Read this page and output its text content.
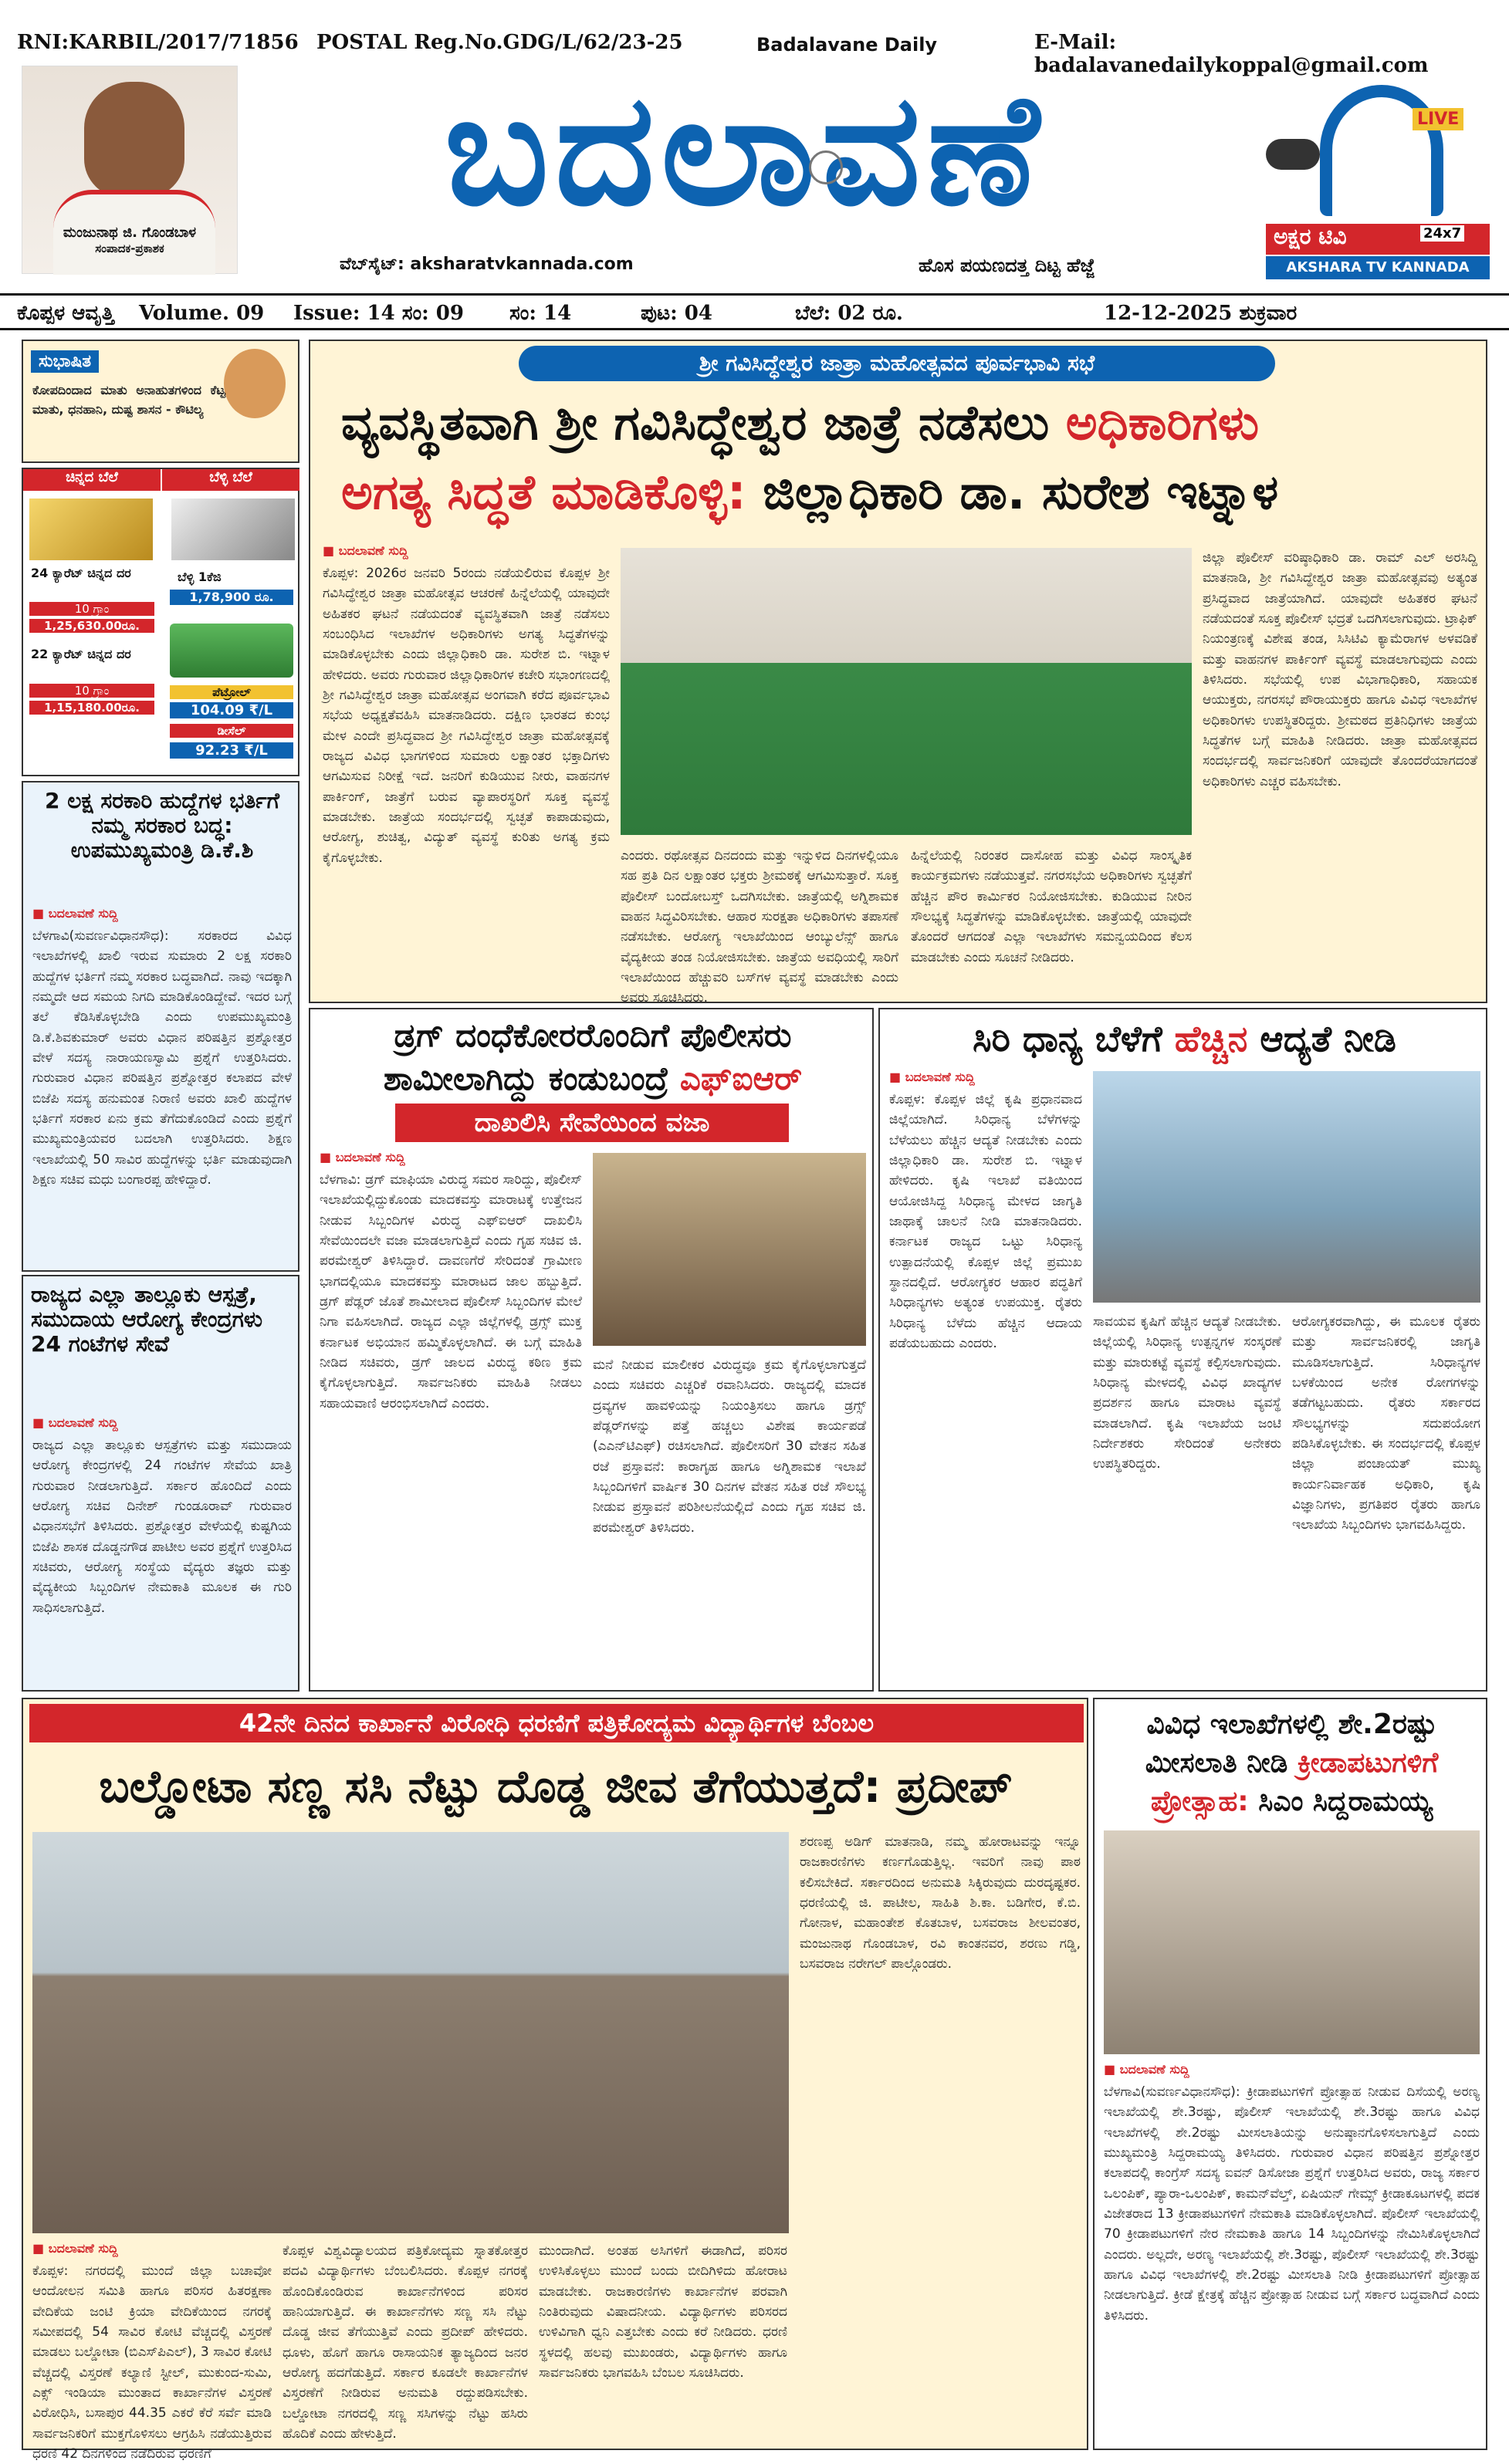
RNI:KARBIL/2017/71856 POSTAL Reg.No.GDG/L/62/23-25	Badalavane Daily	E-Mail: badalavanedailykoppal@gmail.com
ಮಂಜುನಾಥ ಜಿ. ಗೊಂಡಬಾಳ
ಸಂಪಾದಕ-ಪ್ರಕಾಶಕ
ಬದಲಾವಣೆ
ವೆಬ್‌ಸೈಟ್: aksharatvkannada.com	ಹೊಸ ಪಯಣದತ್ತ ದಿಟ್ಟ ಹೆಜ್ಜೆ
LIVE
ಅಕ್ಷರ ಟಿವಿ	24x7
AKSHARA TV KANNADA
ಕೊಪ್ಪಳ ಆವೃತ್ತಿ Volume. 09 Issue: 14 ಸಂ: 09 ಸಂ: 14	ಪುಟ: 04	ಬೆಲೆ: 02 ರೂ.	12-12-2025 ಶುಕ್ರವಾರ
ಸುಭಾಷಿತ
ಕೋಪದಿಂದಾದ ಮಾತು ಅನಾಹುತಗಳಿಂದ ಕೆಟ್ಟ ಮಾತು, ಧನಹಾನಿ, ದುಷ್ಟ ಶಾಸನ - ಕೌಟಿಲ್ಯ
ಚಿನ್ನದ ಬೆಲೆ	ಬೆಳ್ಳಿ ಬೆಲೆ
24 ಕ್ಯಾರೆಟ್ ಚಿನ್ನದ ದರ
10 ಗ್ರಾಂ
1,25,630.00ರೂ.
ಬೆಳ್ಳಿ 1ಕೆಜಿ
1,78,900 ರೂ.
22 ಕ್ಯಾರೆಟ್ ಚಿನ್ನದ ದರ
10 ಗ್ರಾಂ
1,15,180.00ರೂ.
ಪೆಟ್ರೋಲ್
104.09 ₹/L
ಡೀಸೆಲ್
92.23 ₹/L
2 ಲಕ್ಷ ಸರಕಾರಿ ಹುದ್ದೆಗಳ ಭರ್ತಿಗೆ ನಮ್ಮ ಸರಕಾರ ಬದ್ಧ: ಉಪಮುಖ್ಯಮಂತ್ರಿ ಡಿ.ಕೆ.ಶಿ
■ ಬದಲಾವಣೆ ಸುದ್ದಿ
ಬೆಳಗಾವಿ(ಸುವರ್ಣವಿಧಾನಸೌಧ): ಸರಕಾರದ ವಿವಿಧ ಇಲಾಖೆಗಳಲ್ಲಿ ಖಾಲಿ ಇರುವ ಸುಮಾರು 2 ಲಕ್ಷ ಸರಕಾರಿ ಹುದ್ದೆಗಳ ಭರ್ತಿಗೆ ನಮ್ಮ ಸರಕಾರ ಬದ್ಧವಾಗಿದೆ. ನಾವು ಇದಕ್ಕಾಗಿ ನಮ್ಮದೇ ಆದ ಸಮಯ ನಿಗದಿ ಮಾಡಿಕೊಂಡಿದ್ದೇವೆ. ಇದರ ಬಗ್ಗೆ ತಲೆ ಕೆಡಿಸಿಕೊಳ್ಳಬೇಡಿ ಎಂದು ಉಪಮುಖ್ಯಮಂತ್ರಿ ಡಿ.ಕೆ.ಶಿವಕುಮಾರ್ ಅವರು ವಿಧಾನ ಪರಿಷತ್ತಿನ ಪ್ರಶ್ನೋತ್ತರ ವೇಳೆ ಸದಸ್ಯ ನಾರಾಯಣಸ್ವಾಮಿ ಪ್ರಶ್ನೆಗೆ ಉತ್ತರಿಸಿದರು. ಗುರುವಾರ ವಿಧಾನ ಪರಿಷತ್ತಿನ ಪ್ರಶ್ನೋತ್ತರ ಕಲಾಪದ ವೇಳೆ ಬಿಜೆಪಿ ಸದಸ್ಯ ಹನುಮಂತ ನಿರಾಣಿ ಅವರು ಖಾಲಿ ಹುದ್ದೆಗಳ ಭರ್ತಿಗೆ ಸರಕಾರ ಏನು ಕ್ರಮ ತೆಗೆದುಕೊಂಡಿದೆ ಎಂದು ಪ್ರಶ್ನೆಗೆ ಮುಖ್ಯಮಂತ್ರಿಯವರ ಬದಲಾಗಿ ಉತ್ತರಿಸಿದರು. ಶಿಕ್ಷಣ ಇಲಾಖೆಯಲ್ಲಿ 50 ಸಾವಿರ ಹುದ್ದೆಗಳನ್ನು ಭರ್ತಿ ಮಾಡುವುದಾಗಿ ಶಿಕ್ಷಣ ಸಚಿವ ಮಧು ಬಂಗಾರಪ್ಪ ಹೇಳಿದ್ದಾರೆ.
ರಾಜ್ಯದ ಎಲ್ಲಾ ತಾಲ್ಲೂಕು ಆಸ್ಪತ್ರೆ, ಸಮುದಾಯ ಆರೋಗ್ಯ ಕೇಂದ್ರಗಳು 24 ಗಂಟೆಗಳ ಸೇವೆ
■ ಬದಲಾವಣೆ ಸುದ್ದಿ
ರಾಜ್ಯದ ಎಲ್ಲಾ ತಾಲ್ಲೂಕು ಆಸ್ಪತ್ರೆಗಳು ಮತ್ತು ಸಮುದಾಯ ಆರೋಗ್ಯ ಕೇಂದ್ರಗಳಲ್ಲಿ 24 ಗಂಟೆಗಳ ಸೇವೆಯ ಖಾತ್ರಿ ಗುರುವಾರ ನೀಡಲಾಗುತ್ತಿದೆ. ಸರ್ಕಾರ ಹೊಂದಿದೆ ಎಂದು ಆರೋಗ್ಯ ಸಚಿವ ದಿನೇಶ್ ಗುಂಡೂರಾವ್ ಗುರುವಾರ ವಿಧಾನಸಭೆಗೆ ತಿಳಿಸಿದರು. ಪ್ರಶ್ನೋತ್ತರ ವೇಳೆಯಲ್ಲಿ ಕುಷ್ಟಗಿಯ ಬಿಜೆಪಿ ಶಾಸಕ ದೊಡ್ಡನಗೌಡ ಪಾಟೀಲ ಅವರ ಪ್ರಶ್ನೆಗೆ ಉತ್ತರಿಸಿದ ಸಚಿವರು, ಆರೋಗ್ಯ ಸಂಸ್ಥೆಯ ವೈದ್ಯರು ತಜ್ಞರು ಮತ್ತು ವೈದ್ಯಕೀಯ ಸಿಬ್ಬಂದಿಗಳ ನೇಮಕಾತಿ ಮೂಲಕ ಈ ಗುರಿ ಸಾಧಿಸಲಾಗುತ್ತಿದೆ.
ಶ್ರೀ ಗವಿಸಿದ್ಧೇಶ್ವರ ಜಾತ್ರಾ ಮಹೋತ್ಸವದ ಪೂರ್ವಭಾವಿ ಸಭೆ
ವ್ಯವಸ್ಥಿತವಾಗಿ ಶ್ರೀ ಗವಿಸಿದ್ಧೇಶ್ವರ ಜಾತ್ರೆ ನಡೆಸಲು ಅಧಿಕಾರಿಗಳು
ಅಗತ್ಯ ಸಿದ್ಧತೆ ಮಾಡಿಕೊಳ್ಳಿ: ಜಿಲ್ಲಾಧಿಕಾರಿ ಡಾ. ಸುರೇಶ ಇಟ್ನಾಳ
■ ಬದಲಾವಣೆ ಸುದ್ದಿ
ಕೊಪ್ಪಳ: 2026ರ ಜನವರಿ 5ರಂದು ನಡೆಯಲಿರುವ ಕೊಪ್ಪಳ ಶ್ರೀ ಗವಿಸಿದ್ಧೇಶ್ವರ ಜಾತ್ರಾ ಮಹೋತ್ಸವ ಆಚರಣೆ ಹಿನ್ನೆಲೆಯಲ್ಲಿ ಯಾವುದೇ ಅಹಿತಕರ ಘಟನೆ ನಡೆಯದಂತೆ ವ್ಯವಸ್ಥಿತವಾಗಿ ಜಾತ್ರೆ ನಡೆಸಲು ಸಂಬಂಧಿಸಿದ ಇಲಾಖೆಗಳ ಅಧಿಕಾರಿಗಳು ಅಗತ್ಯ ಸಿದ್ಧತೆಗಳನ್ನು ಮಾಡಿಕೊಳ್ಳಬೇಕು ಎಂದು ಜಿಲ್ಲಾಧಿಕಾರಿ ಡಾ. ಸುರೇಶ ಬಿ. ಇಟ್ನಾಳ ಹೇಳಿದರು. ಅವರು ಗುರುವಾರ ಜಿಲ್ಲಾಧಿಕಾರಿಗಳ ಕಚೇರಿ ಸಭಾಂಗಣದಲ್ಲಿ ಶ್ರೀ ಗವಿಸಿದ್ಧೇಶ್ವರ ಜಾತ್ರಾ ಮಹೋತ್ಸವ ಅಂಗವಾಗಿ ಕರೆದ ಪೂರ್ವಭಾವಿ ಸಭೆಯ ಅಧ್ಯಕ್ಷತೆವಹಿಸಿ ಮಾತನಾಡಿದರು. ದಕ್ಷಿಣ ಭಾರತದ ಕುಂಭ ಮೇಳ ಎಂದೇ ಪ್ರಸಿದ್ಧವಾದ ಶ್ರೀ ಗವಿಸಿದ್ಧೇಶ್ವರ ಜಾತ್ರಾ ಮಹೋತ್ಸವಕ್ಕೆ ರಾಜ್ಯದ ವಿವಿಧ ಭಾಗಗಳಿಂದ ಸುಮಾರು ಲಕ್ಷಾಂತರ ಭಕ್ತಾದಿಗಳು ಆಗಮಿಸುವ ನಿರೀಕ್ಷೆ ಇದೆ. ಜನರಿಗೆ ಕುಡಿಯುವ ನೀರು, ವಾಹನಗಳ ಪಾರ್ಕಿಂಗ್, ಜಾತ್ರೆಗೆ ಬರುವ ವ್ಯಾಪಾರಸ್ಥರಿಗೆ ಸೂಕ್ತ ವ್ಯವಸ್ಥೆ ಮಾಡಬೇಕು. ಜಾತ್ರೆಯ ಸಂದರ್ಭದಲ್ಲಿ ಸ್ವಚ್ಛತೆ ಕಾಪಾಡುವುದು, ಆರೋಗ್ಯ, ಶುಚಿತ್ವ, ವಿದ್ಯುತ್ ವ್ಯವಸ್ಥೆ ಕುರಿತು ಅಗತ್ಯ ಕ್ರಮ ಕೈಗೊಳ್ಳಬೇಕು.	ಎಂದರು. ರಥೋತ್ಸವ ದಿನದಂದು ಮತ್ತು ಇನ್ನುಳಿದ ದಿನಗಳಲ್ಲಿಯೂ ಸಹ ಪ್ರತಿ ದಿನ ಲಕ್ಷಾಂತರ ಭಕ್ತರು ಶ್ರೀಮಠಕ್ಕೆ ಆಗಮಿಸುತ್ತಾರೆ. ಸೂಕ್ತ ಪೊಲೀಸ್ ಬಂದೋಬಸ್ತ್ ಒದಗಿಸಬೇಕು. ಜಾತ್ರೆಯಲ್ಲಿ ಅಗ್ನಿಶಾಮಕ ವಾಹನ ಸಿದ್ಧವಿರಿಸಬೇಕು. ಆಹಾರ ಸುರಕ್ಷತಾ ಅಧಿಕಾರಿಗಳು ತಪಾಸಣೆ ನಡೆಸಬೇಕು. ಆರೋಗ್ಯ ಇಲಾಖೆಯಿಂದ ಆಂಬ್ಯುಲೆನ್ಸ್ ಹಾಗೂ ವೈದ್ಯಕೀಯ ತಂಡ ನಿಯೋಜಿಸಬೇಕು. ಜಾತ್ರೆಯ ಅವಧಿಯಲ್ಲಿ ಸಾರಿಗೆ ಇಲಾಖೆಯಿಂದ ಹೆಚ್ಚುವರಿ ಬಸ್‌ಗಳ ವ್ಯವಸ್ಥೆ ಮಾಡಬೇಕು ಎಂದು ಅವರು ಸೂಚಿಸಿದರು.
ಹಿನ್ನೆಲೆಯಲ್ಲಿ ನಿರಂತರ ದಾಸೋಹ ಮತ್ತು ವಿವಿಧ ಸಾಂಸ್ಕೃತಿಕ ಕಾರ್ಯಕ್ರಮಗಳು ನಡೆಯುತ್ತವೆ. ನಗರಸಭೆಯ ಅಧಿಕಾರಿಗಳು ಸ್ವಚ್ಛತೆಗೆ ಹೆಚ್ಚಿನ ಪೌರ ಕಾರ್ಮಿಕರ ನಿಯೋಜಿಸಬೇಕು. ಕುಡಿಯುವ ನೀರಿನ ಸೌಲಭ್ಯಕ್ಕೆ ಸಿದ್ಧತೆಗಳನ್ನು ಮಾಡಿಕೊಳ್ಳಬೇಕು. ಜಾತ್ರೆಯಲ್ಲಿ ಯಾವುದೇ ತೊಂದರೆ ಆಗದಂತೆ ಎಲ್ಲಾ ಇಲಾಖೆಗಳು ಸಮನ್ವಯದಿಂದ ಕೆಲಸ ಮಾಡಬೇಕು ಎಂದು ಸೂಚನೆ ನೀಡಿದರು.
ಜಿಲ್ಲಾ ಪೊಲೀಸ್ ವರಿಷ್ಠಾಧಿಕಾರಿ ಡಾ. ರಾಮ್ ಎಲ್ ಅರಸಿದ್ದಿ ಮಾತನಾಡಿ, ಶ್ರೀ ಗವಿಸಿದ್ಧೇಶ್ವರ ಜಾತ್ರಾ ಮಹೋತ್ಸವವು ಅತ್ಯಂತ ಪ್ರಸಿದ್ಧವಾದ ಜಾತ್ರೆಯಾಗಿದೆ. ಯಾವುದೇ ಅಹಿತಕರ ಘಟನೆ ನಡೆಯದಂತೆ ಸೂಕ್ತ ಪೊಲೀಸ್ ಭದ್ರತೆ ಒದಗಿಸಲಾಗುವುದು. ಟ್ರಾಫಿಕ್ ನಿಯಂತ್ರಣಕ್ಕೆ ವಿಶೇಷ ತಂಡ, ಸಿಸಿಟಿವಿ ಕ್ಯಾಮೆರಾಗಳ ಅಳವಡಿಕೆ ಮತ್ತು ವಾಹನಗಳ ಪಾರ್ಕಿಂಗ್ ವ್ಯವಸ್ಥೆ ಮಾಡಲಾಗುವುದು ಎಂದು ತಿಳಿಸಿದರು. ಸಭೆಯಲ್ಲಿ ಉಪ ವಿಭಾಗಾಧಿಕಾರಿ, ಸಹಾಯಕ ಆಯುಕ್ತರು, ನಗರಸಭೆ ಪೌರಾಯುಕ್ತರು ಹಾಗೂ ವಿವಿಧ ಇಲಾಖೆಗಳ ಅಧಿಕಾರಿಗಳು ಉಪಸ್ಥಿತರಿದ್ದರು. ಶ್ರೀಮಠದ ಪ್ರತಿನಿಧಿಗಳು ಜಾತ್ರೆಯ ಸಿದ್ಧತೆಗಳ ಬಗ್ಗೆ ಮಾಹಿತಿ ನೀಡಿದರು. ಜಾತ್ರಾ ಮಹೋತ್ಸವದ ಸಂದರ್ಭದಲ್ಲಿ ಸಾರ್ವಜನಿಕರಿಗೆ ಯಾವುದೇ ತೊಂದರೆಯಾಗದಂತೆ ಅಧಿಕಾರಿಗಳು ಎಚ್ಚರ ವಹಿಸಬೇಕು.
ಡ್ರಗ್ ದಂಧೆಕೋರರೊಂದಿಗೆ ಪೊಲೀಸರು
ಶಾಮೀಲಾಗಿದ್ದು ಕಂಡುಬಂದ್ರೆ ಎಫ್‌ಐಆರ್
ದಾಖಲಿಸಿ ಸೇವೆಯಿಂದ ವಜಾ
■ ಬದಲಾವಣೆ ಸುದ್ದಿ
ಬೆಳಗಾವಿ: ಡ್ರಗ್ ಮಾಫಿಯಾ ವಿರುದ್ಧ ಸಮರ ಸಾರಿದ್ದು, ಪೊಲೀಸ್ ಇಲಾಖೆಯಲ್ಲಿದ್ದುಕೊಂಡು ಮಾದಕವಸ್ತು ಮಾರಾಟಕ್ಕೆ ಉತ್ತೇಜನ ನೀಡುವ ಸಿಬ್ಬಂದಿಗಳ ವಿರುದ್ಧ ಎಫ್‌ಐಆರ್ ದಾಖಲಿಸಿ ಸೇವೆಯಿಂದಲೇ ವಜಾ ಮಾಡಲಾಗುತ್ತಿದೆ ಎಂದು ಗೃಹ ಸಚಿವ ಜಿ. ಪರಮೇಶ್ವರ್ ತಿಳಿಸಿದ್ದಾರೆ. ದಾವಣಗೆರೆ ಸೇರಿದಂತೆ ಗ್ರಾಮೀಣ ಭಾಗದಲ್ಲಿಯೂ ಮಾದಕವಸ್ತು ಮಾರಾಟದ ಜಾಲ ಹಬ್ಬುತ್ತಿದೆ. ಡ್ರಗ್ ಪೆಡ್ಲರ್ ಜೊತೆ ಶಾಮೀಲಾದ ಪೊಲೀಸ್ ಸಿಬ್ಬಂದಿಗಳ ಮೇಲೆ ನಿಗಾ ವಹಿಸಲಾಗಿದೆ. ರಾಜ್ಯದ ಎಲ್ಲಾ ಜಿಲ್ಲೆಗಳಲ್ಲಿ ಡ್ರಗ್ಸ್ ಮುಕ್ತ ಕರ್ನಾಟಕ ಅಭಿಯಾನ ಹಮ್ಮಿಕೊಳ್ಳಲಾಗಿದೆ. ಈ ಬಗ್ಗೆ ಮಾಹಿತಿ ನೀಡಿದ ಸಚಿವರು, ಡ್ರಗ್ ಜಾಲದ ವಿರುದ್ಧ ಕಠಿಣ ಕ್ರಮ ಕೈಗೊಳ್ಳಲಾಗುತ್ತಿದೆ. ಸಾರ್ವಜನಿಕರು ಮಾಹಿತಿ ನೀಡಲು ಸಹಾಯವಾಣಿ ಆರಂಭಿಸಲಾಗಿದೆ ಎಂದರು.
ಮನೆ ನೀಡುವ ಮಾಲೀಕರ ವಿರುದ್ಧವೂ ಕ್ರಮ ಕೈಗೊಳ್ಳಲಾಗುತ್ತದೆ ಎಂದು ಸಚಿವರು ಎಚ್ಚರಿಕೆ ರವಾನಿಸಿದರು. ರಾಜ್ಯದಲ್ಲಿ ಮಾದಕ ದ್ರವ್ಯಗಳ ಹಾವಳಿಯನ್ನು ನಿಯಂತ್ರಿಸಲು ಹಾಗೂ ಡ್ರಗ್ಸ್ ಪೆಡ್ಲರ್‌ಗಳನ್ನು ಪತ್ತೆ ಹಚ್ಚಲು ವಿಶೇಷ ಕಾರ್ಯಪಡೆ (ಎಎನ್‌ಟಿಎಫ್) ರಚಿಸಲಾಗಿದೆ. ಪೊಲೀಸರಿಗೆ 30 ವೇತನ ಸಹಿತ ರಜೆ ಪ್ರಸ್ತಾವನೆ: ಕಾರಾಗೃಹ ಹಾಗೂ ಅಗ್ನಿಶಾಮಕ ಇಲಾಖೆ ಸಿಬ್ಬಂದಿಗಳಿಗೆ ವಾರ್ಷಿಕ 30 ದಿನಗಳ ವೇತನ ಸಹಿತ ರಜೆ ಸೌಲಭ್ಯ ನೀಡುವ ಪ್ರಸ್ತಾವನೆ ಪರಿಶೀಲನೆಯಲ್ಲಿದೆ ಎಂದು ಗೃಹ ಸಚಿವ ಜಿ. ಪರಮೇಶ್ವರ್ ತಿಳಿಸಿದರು.
ಸಿರಿ ಧಾನ್ಯ ಬೆಳೆಗೆ ಹೆಚ್ಚಿನ ಆದ್ಯತೆ ನೀಡಿ
■ ಬದಲಾವಣೆ ಸುದ್ದಿ
ಕೊಪ್ಪಳ: ಕೊಪ್ಪಳ ಜಿಲ್ಲೆ ಕೃಷಿ ಪ್ರಧಾನವಾದ ಜಿಲ್ಲೆಯಾಗಿದೆ. ಸಿರಿಧಾನ್ಯ ಬೆಳೆಗಳನ್ನು ಬೆಳೆಯಲು ಹೆಚ್ಚಿನ ಆದ್ಯತೆ ನೀಡಬೇಕು ಎಂದು ಜಿಲ್ಲಾಧಿಕಾರಿ ಡಾ. ಸುರೇಶ ಬಿ. ಇಟ್ನಾಳ ಹೇಳಿದರು. ಕೃಷಿ ಇಲಾಖೆ ವತಿಯಿಂದ ಆಯೋಜಿಸಿದ್ದ ಸಿರಿಧಾನ್ಯ ಮೇಳದ ಜಾಗೃತಿ ಜಾಥಾಕ್ಕೆ ಚಾಲನೆ ನೀಡಿ ಮಾತನಾಡಿದರು. ಕರ್ನಾಟಕ ರಾಜ್ಯದ ಒಟ್ಟು ಸಿರಿಧಾನ್ಯ ಉತ್ಪಾದನೆಯಲ್ಲಿ ಕೊಪ್ಪಳ ಜಿಲ್ಲೆ ಪ್ರಮುಖ ಸ್ಥಾನದಲ್ಲಿದೆ. ಆರೋಗ್ಯಕರ ಆಹಾರ ಪದ್ಧತಿಗೆ ಸಿರಿಧಾನ್ಯಗಳು ಅತ್ಯಂತ ಉಪಯುಕ್ತ. ರೈತರು ಸಿರಿಧಾನ್ಯ ಬೆಳೆದು ಹೆಚ್ಚಿನ ಆದಾಯ ಪಡೆಯಬಹುದು ಎಂದರು.
ಸಾವಯವ ಕೃಷಿಗೆ ಹೆಚ್ಚಿನ ಆದ್ಯತೆ ನೀಡಬೇಕು. ಜಿಲ್ಲೆಯಲ್ಲಿ ಸಿರಿಧಾನ್ಯ ಉತ್ಪನ್ನಗಳ ಸಂಸ್ಕರಣೆ ಮತ್ತು ಮಾರುಕಟ್ಟೆ ವ್ಯವಸ್ಥೆ ಕಲ್ಪಿಸಲಾಗುವುದು. ಸಿರಿಧಾನ್ಯ ಮೇಳದಲ್ಲಿ ವಿವಿಧ ಖಾದ್ಯಗಳ ಪ್ರದರ್ಶನ ಹಾಗೂ ಮಾರಾಟ ವ್ಯವಸ್ಥೆ ಮಾಡಲಾಗಿದೆ. ಕೃಷಿ ಇಲಾಖೆಯ ಜಂಟಿ ನಿರ್ದೇಶಕರು ಸೇರಿದಂತೆ ಅನೇಕರು ಉಪಸ್ಥಿತರಿದ್ದರು.
ಆರೋಗ್ಯಕರವಾಗಿದ್ದು, ಈ ಮೂಲಕ ರೈತರು ಮತ್ತು ಸಾರ್ವಜನಿಕರಲ್ಲಿ ಜಾಗೃತಿ ಮೂಡಿಸಲಾಗುತ್ತಿದೆ. ಸಿರಿಧಾನ್ಯಗಳ ಬಳಕೆಯಿಂದ ಅನೇಕ ರೋಗಗಳನ್ನು ತಡೆಗಟ್ಟಬಹುದು. ರೈತರು ಸರ್ಕಾರದ ಸೌಲಭ್ಯಗಳನ್ನು ಸದುಪಯೋಗ ಪಡಿಸಿಕೊಳ್ಳಬೇಕು. ಈ ಸಂದರ್ಭದಲ್ಲಿ ಕೊಪ್ಪಳ ಜಿಲ್ಲಾ ಪಂಚಾಯತ್ ಮುಖ್ಯ ಕಾರ್ಯನಿರ್ವಾಹಕ ಅಧಿಕಾರಿ, ಕೃಷಿ ವಿಜ್ಞಾನಿಗಳು, ಪ್ರಗತಿಪರ ರೈತರು ಹಾಗೂ ಇಲಾಖೆಯ ಸಿಬ್ಬಂದಿಗಳು ಭಾಗವಹಿಸಿದ್ದರು.
42ನೇ ದಿನದ ಕಾರ್ಖಾನೆ ವಿರೋಧಿ ಧರಣಿಗೆ ಪತ್ರಿಕೋದ್ಯಮ ವಿದ್ಯಾರ್ಥಿಗಳ ಬೆಂಬಲ
ಬಲ್ಡೋಟಾ ಸಣ್ಣ ಸಸಿ ನೆಟ್ಟು ದೊಡ್ಡ ಜೀವ ತೆಗೆಯುತ್ತದೆ: ಪ್ರದೀಪ್
■ ಬದಲಾವಣೆ ಸುದ್ದಿ
ಕೊಪ್ಪಳ: ನಗರದಲ್ಲಿ ಮುಂದೆ ಜಿಲ್ಲಾ ಬಚಾವೋ ಆಂದೋಲನ ಸಮಿತಿ ಹಾಗೂ ಪರಿಸರ ಹಿತರಕ್ಷಣಾ ವೇದಿಕೆಯ ಜಂಟಿ ಕ್ರಿಯಾ ವೇದಿಕೆಯಿಂದ ನಗರಕ್ಕೆ ಸಮೀಪದಲ್ಲಿ 54 ಸಾವಿರ ಕೋಟಿ ವೆಚ್ಚದಲ್ಲಿ ವಿಸ್ತರಣೆ ಮಾಡಲು ಬಲ್ಡೋಟಾ (ಬಿಎಸ್‌ಪಿಎಲ್), 3 ಸಾವಿರ ಕೋಟಿ ವೆಚ್ಚದಲ್ಲಿ ವಿಸ್ತರಣೆ ಕಲ್ಯಾಣಿ ಸ್ಟೀಲ್, ಮುಕುಂದ-ಸುಮಿ, ಎಕ್ಸ್ ಇಂಡಿಯಾ ಮುಂತಾದ ಕಾರ್ಖಾನೆಗಳ ವಿಸ್ತರಣೆ ವಿರೋಧಿಸಿ, ಬಸಾಪುರ 44.35 ಎಕರೆ ಕೆರೆ ಸರ್ವೆ ಮಾಡಿ ಸಾರ್ವಜನಿಕರಿಗೆ ಮುಕ್ತಗೊಳಿಸಲು ಆಗ್ರಹಿಸಿ ನಡೆಯುತ್ತಿರುವ ಧರಣಿ 42 ದಿನಗಳಿಂದ ನಡೆದಿರುವ ಧರಣಿಗೆ
ಕೊಪ್ಪಳ ವಿಶ್ವವಿದ್ಯಾಲಯದ ಪತ್ರಿಕೋದ್ಯಮ ಸ್ನಾತಕೋತ್ತರ ಪದವಿ ವಿದ್ಯಾರ್ಥಿಗಳು ಬೆಂಬಲಿಸಿದರು. ಕೊಪ್ಪಳ ನಗರಕ್ಕೆ ಹೊಂದಿಕೊಂಡಿರುವ ಕಾರ್ಖಾನೆಗಳಿಂದ ಪರಿಸರ ಹಾನಿಯಾಗುತ್ತಿದೆ. ಈ ಕಾರ್ಖಾನೆಗಳು ಸಣ್ಣ ಸಸಿ ನೆಟ್ಟು ದೊಡ್ಡ ಜೀವ ತೆಗೆಯುತ್ತಿವೆ ಎಂದು ಪ್ರದೀಪ್ ಹೇಳಿದರು. ಧೂಳು, ಹೊಗೆ ಹಾಗೂ ರಾಸಾಯನಿಕ ತ್ಯಾಜ್ಯದಿಂದ ಜನರ ಆರೋಗ್ಯ ಹದಗೆಡುತ್ತಿದೆ. ಸರ್ಕಾರ ಕೂಡಲೇ ಕಾರ್ಖಾನೆಗಳ ವಿಸ್ತರಣೆಗೆ ನೀಡಿರುವ ಅನುಮತಿ ರದ್ದುಪಡಿಸಬೇಕು. ಬಲ್ಡೋಟಾ ನಗರದಲ್ಲಿ ಸಣ್ಣ ಸಸಿಗಳನ್ನು ನೆಟ್ಟು ಹಸಿರು ಹೊದಿಕೆ ಎಂದು ಹೇಳುತ್ತಿದೆ.
ಮುಂದಾಗಿದೆ. ಅಂತಹ ಅಸಿಗಳಿಗೆ ಈಡಾಗಿದೆ, ಪರಿಸರ ಉಳಿಸಿಕೊಳ್ಳಲು ಮುಂದೆ ಬಂದು ಬೀದಿಗಿಳಿದು ಹೋರಾಟ ಮಾಡಬೇಕು. ರಾಜಕಾರಣಿಗಳು ಕಾರ್ಖಾನೆಗಳ ಪರವಾಗಿ ನಿಂತಿರುವುದು ವಿಷಾದನೀಯ. ವಿದ್ಯಾರ್ಥಿಗಳು ಪರಿಸರದ ಉಳಿವಿಗಾಗಿ ಧ್ವನಿ ಎತ್ತಬೇಕು ಎಂದು ಕರೆ ನೀಡಿದರು. ಧರಣಿ ಸ್ಥಳದಲ್ಲಿ ಹಲವು ಮುಖಂಡರು, ವಿದ್ಯಾರ್ಥಿಗಳು ಹಾಗೂ ಸಾರ್ವಜನಿಕರು ಭಾಗವಹಿಸಿ ಬೆಂಬಲ ಸೂಚಿಸಿದರು.
ಶರಣಪ್ಪ ಅಡಿಗ್ ಮಾತನಾಡಿ, ನಮ್ಮ ಹೋರಾಟವನ್ನು ಇನ್ನೂ ರಾಜಕಾರಣಿಗಳು ಕರ್ಣಗೊಡುತ್ತಿಲ್ಲ. ಇವರಿಗೆ ನಾವು ಪಾಠ ಕಲಿಸಬೇಕಿದೆ. ಸರ್ಕಾರದಿಂದ ಅನುಮತಿ ಸಿಕ್ಕಿರುವುದು ದುರದೃಷ್ಟಕರ. ಧರಣಿಯಲ್ಲಿ ಜಿ. ಪಾಟೀಲ, ಸಾಹಿತಿ ಶಿ.ಕಾ. ಬಡಿಗೇರ, ಕೆ.ಬಿ. ಗೋನಾಳ, ಮಹಾಂತೇಶ ಕೊತಬಾಳ, ಬಸವರಾಜ ಶೀಲವಂತರ, ಮಂಜುನಾಥ ಗೊಂಡಬಾಳ, ರವಿ ಕಾಂತನವರ, ಶರಣು ಗಡ್ಡಿ, ಬಸವರಾಜ ನರೇಗಲ್ ಪಾಲ್ಗೊಂಡರು.
ವಿವಿಧ ಇಲಾಖೆಗಳಲ್ಲಿ ಶೇ.2ರಷ್ಟು
ಮೀಸಲಾತಿ ನೀಡಿ ಕ್ರೀಡಾಪಟುಗಳಿಗೆ
ಪ್ರೋತ್ಸಾಹ: ಸಿಎಂ ಸಿದ್ದರಾಮಯ್ಯ
■ ಬದಲಾವಣೆ ಸುದ್ದಿ
ಬೆಳಗಾವಿ(ಸುವರ್ಣವಿಧಾನಸೌಧ): ಕ್ರೀಡಾಪಟುಗಳಿಗೆ ಪ್ರೋತ್ಸಾಹ ನೀಡುವ ದಿಸೆಯಲ್ಲಿ ಅರಣ್ಯ ಇಲಾಖೆಯಲ್ಲಿ ಶೇ.3ರಷ್ಟು, ಪೊಲೀಸ್ ಇಲಾಖೆಯಲ್ಲಿ ಶೇ.3ರಷ್ಟು ಹಾಗೂ ವಿವಿಧ ಇಲಾಖೆಗಳಲ್ಲಿ ಶೇ.2ರಷ್ಟು ಮೀಸಲಾತಿಯನ್ನು ಅನುಷ್ಠಾನಗೊಳಿಸಲಾಗುತ್ತಿದೆ ಎಂದು ಮುಖ್ಯಮಂತ್ರಿ ಸಿದ್ದರಾಮಯ್ಯ ತಿಳಿಸಿದರು. ಗುರುವಾರ ವಿಧಾನ ಪರಿಷತ್ತಿನ ಪ್ರಶ್ನೋತ್ತರ ಕಲಾಪದಲ್ಲಿ ಕಾಂಗ್ರೆಸ್ ಸದಸ್ಯ ಐವನ್ ಡಿಸೋಜಾ ಪ್ರಶ್ನೆಗೆ ಉತ್ತರಿಸಿದ ಅವರು, ರಾಜ್ಯ ಸರ್ಕಾರ ಒಲಂಪಿಕ್, ಪ್ಯಾರಾ-ಒಲಂಪಿಕ್, ಕಾಮನ್‌ವೆಲ್ತ್, ಏಷಿಯನ್ ಗೇಮ್ಸ್ ಕ್ರೀಡಾಕೂಟಗಳಲ್ಲಿ ಪದಕ ವಿಜೇತರಾದ 13 ಕ್ರೀಡಾಪಟುಗಳಿಗೆ ನೇಮಕಾತಿ ಮಾಡಿಕೊಳ್ಳಲಾಗಿದೆ. ಪೊಲೀಸ್ ಇಲಾಖೆಯಲ್ಲಿ 70 ಕ್ರೀಡಾಪಟುಗಳಿಗೆ ನೇರ ನೇಮಕಾತಿ ಹಾಗೂ 14 ಸಿಬ್ಬಂದಿಗಳನ್ನು ನೇಮಿಸಿಕೊಳ್ಳಲಾಗಿದೆ ಎಂದರು. ಅಲ್ಲದೇ, ಅರಣ್ಯ ಇಲಾಖೆಯಲ್ಲಿ ಶೇ.3ರಷ್ಟು, ಪೊಲೀಸ್ ಇಲಾಖೆಯಲ್ಲಿ ಶೇ.3ರಷ್ಟು ಹಾಗೂ ವಿವಿಧ ಇಲಾಖೆಗಳಲ್ಲಿ ಶೇ.2ರಷ್ಟು ಮೀಸಲಾತಿ ನೀಡಿ ಕ್ರೀಡಾಪಟುಗಳಿಗೆ ಪ್ರೋತ್ಸಾಹ ನೀಡಲಾಗುತ್ತಿದೆ. ಕ್ರೀಡೆ ಕ್ಷೇತ್ರಕ್ಕೆ ಹೆಚ್ಚಿನ ಪ್ರೋತ್ಸಾಹ ನೀಡುವ ಬಗ್ಗೆ ಸರ್ಕಾರ ಬದ್ಧವಾಗಿದೆ ಎಂದು ತಿಳಿಸಿದರು.
